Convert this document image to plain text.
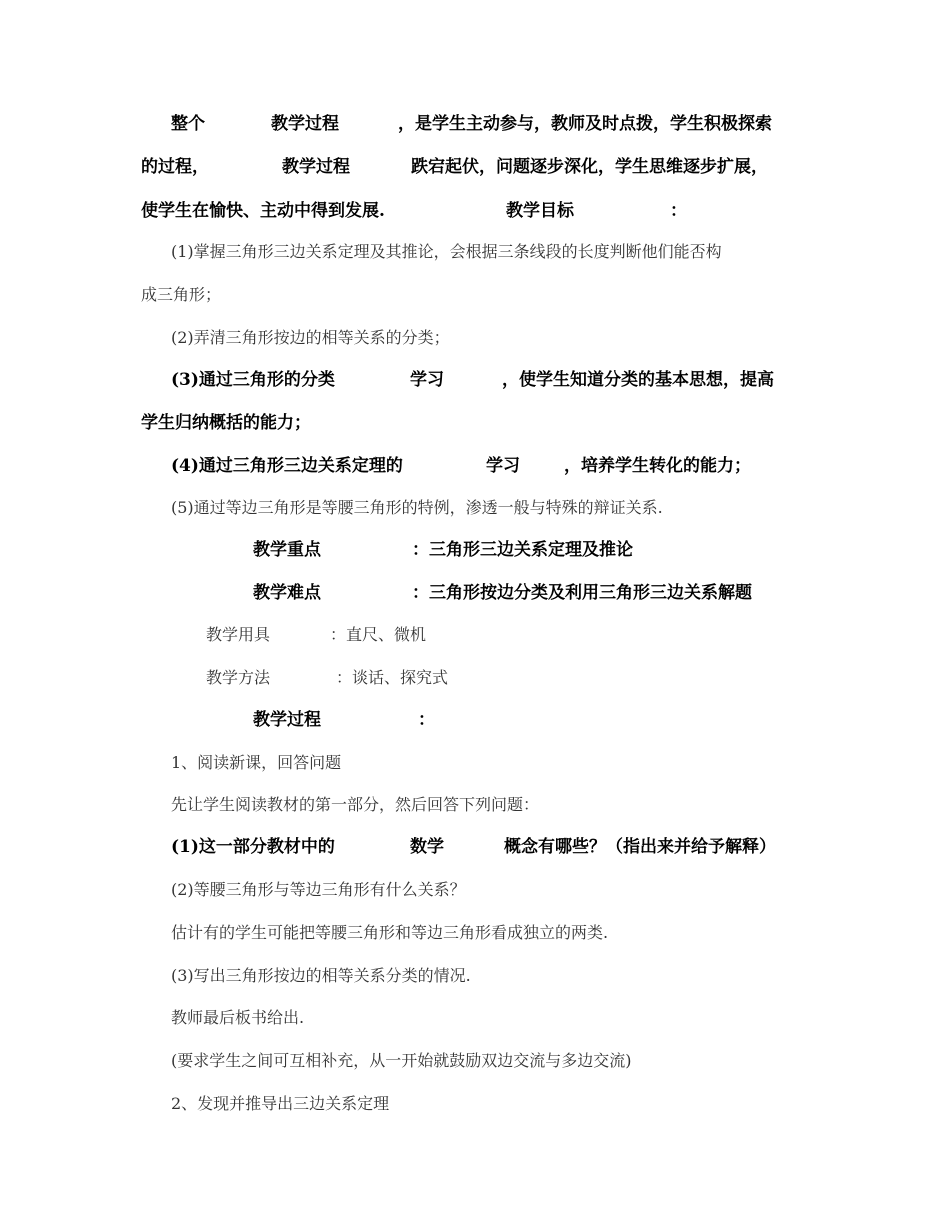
整个	教学过程	，是学生主动参与，教师及时点拨，学生积极探索
的过程，	教学过程	跌宕起伏，问题逐步深化，学生思维逐步扩展，
使学生在愉快、主动中得到发展.	教学目标	：
(1)掌握三角形三边关系定理及其推论，会根据三条线段的长度判断他们能否构
成三角形；
(2)弄清三角形按边的相等关系的分类；
(3)通过三角形的分类	学习	，使学生知道分类的基本思想，提高
学生归纳概括的能力；
(4)通过三角形三边关系定理的	学习	，培养学生转化的能力；
(5)通过等边三角形是等腰三角形的特例，渗透一般与特殊的辩证关系.
教学重点	：三角形三边关系定理及推论
教学难点	：三角形按边分类及利用三角形三边关系解题
教学用具	：直尺、微机
教学方法	：谈话、探究式
教学过程	：
1、阅读新课，回答问题
先让学生阅读教材的第一部分，然后回答下列问题：
(1)这一部分教材中的	数学	概念有哪些？（指出来并给予解释）
(2)等腰三角形与等边三角形有什么关系？
估计有的学生可能把等腰三角形和等边三角形看成独立的两类.
(3)写出三角形按边的相等关系分类的情况.
教师最后板书给出.
(要求学生之间可互相补充，从一开始就鼓励双边交流与多边交流)
2、发现并推导出三边关系定理
